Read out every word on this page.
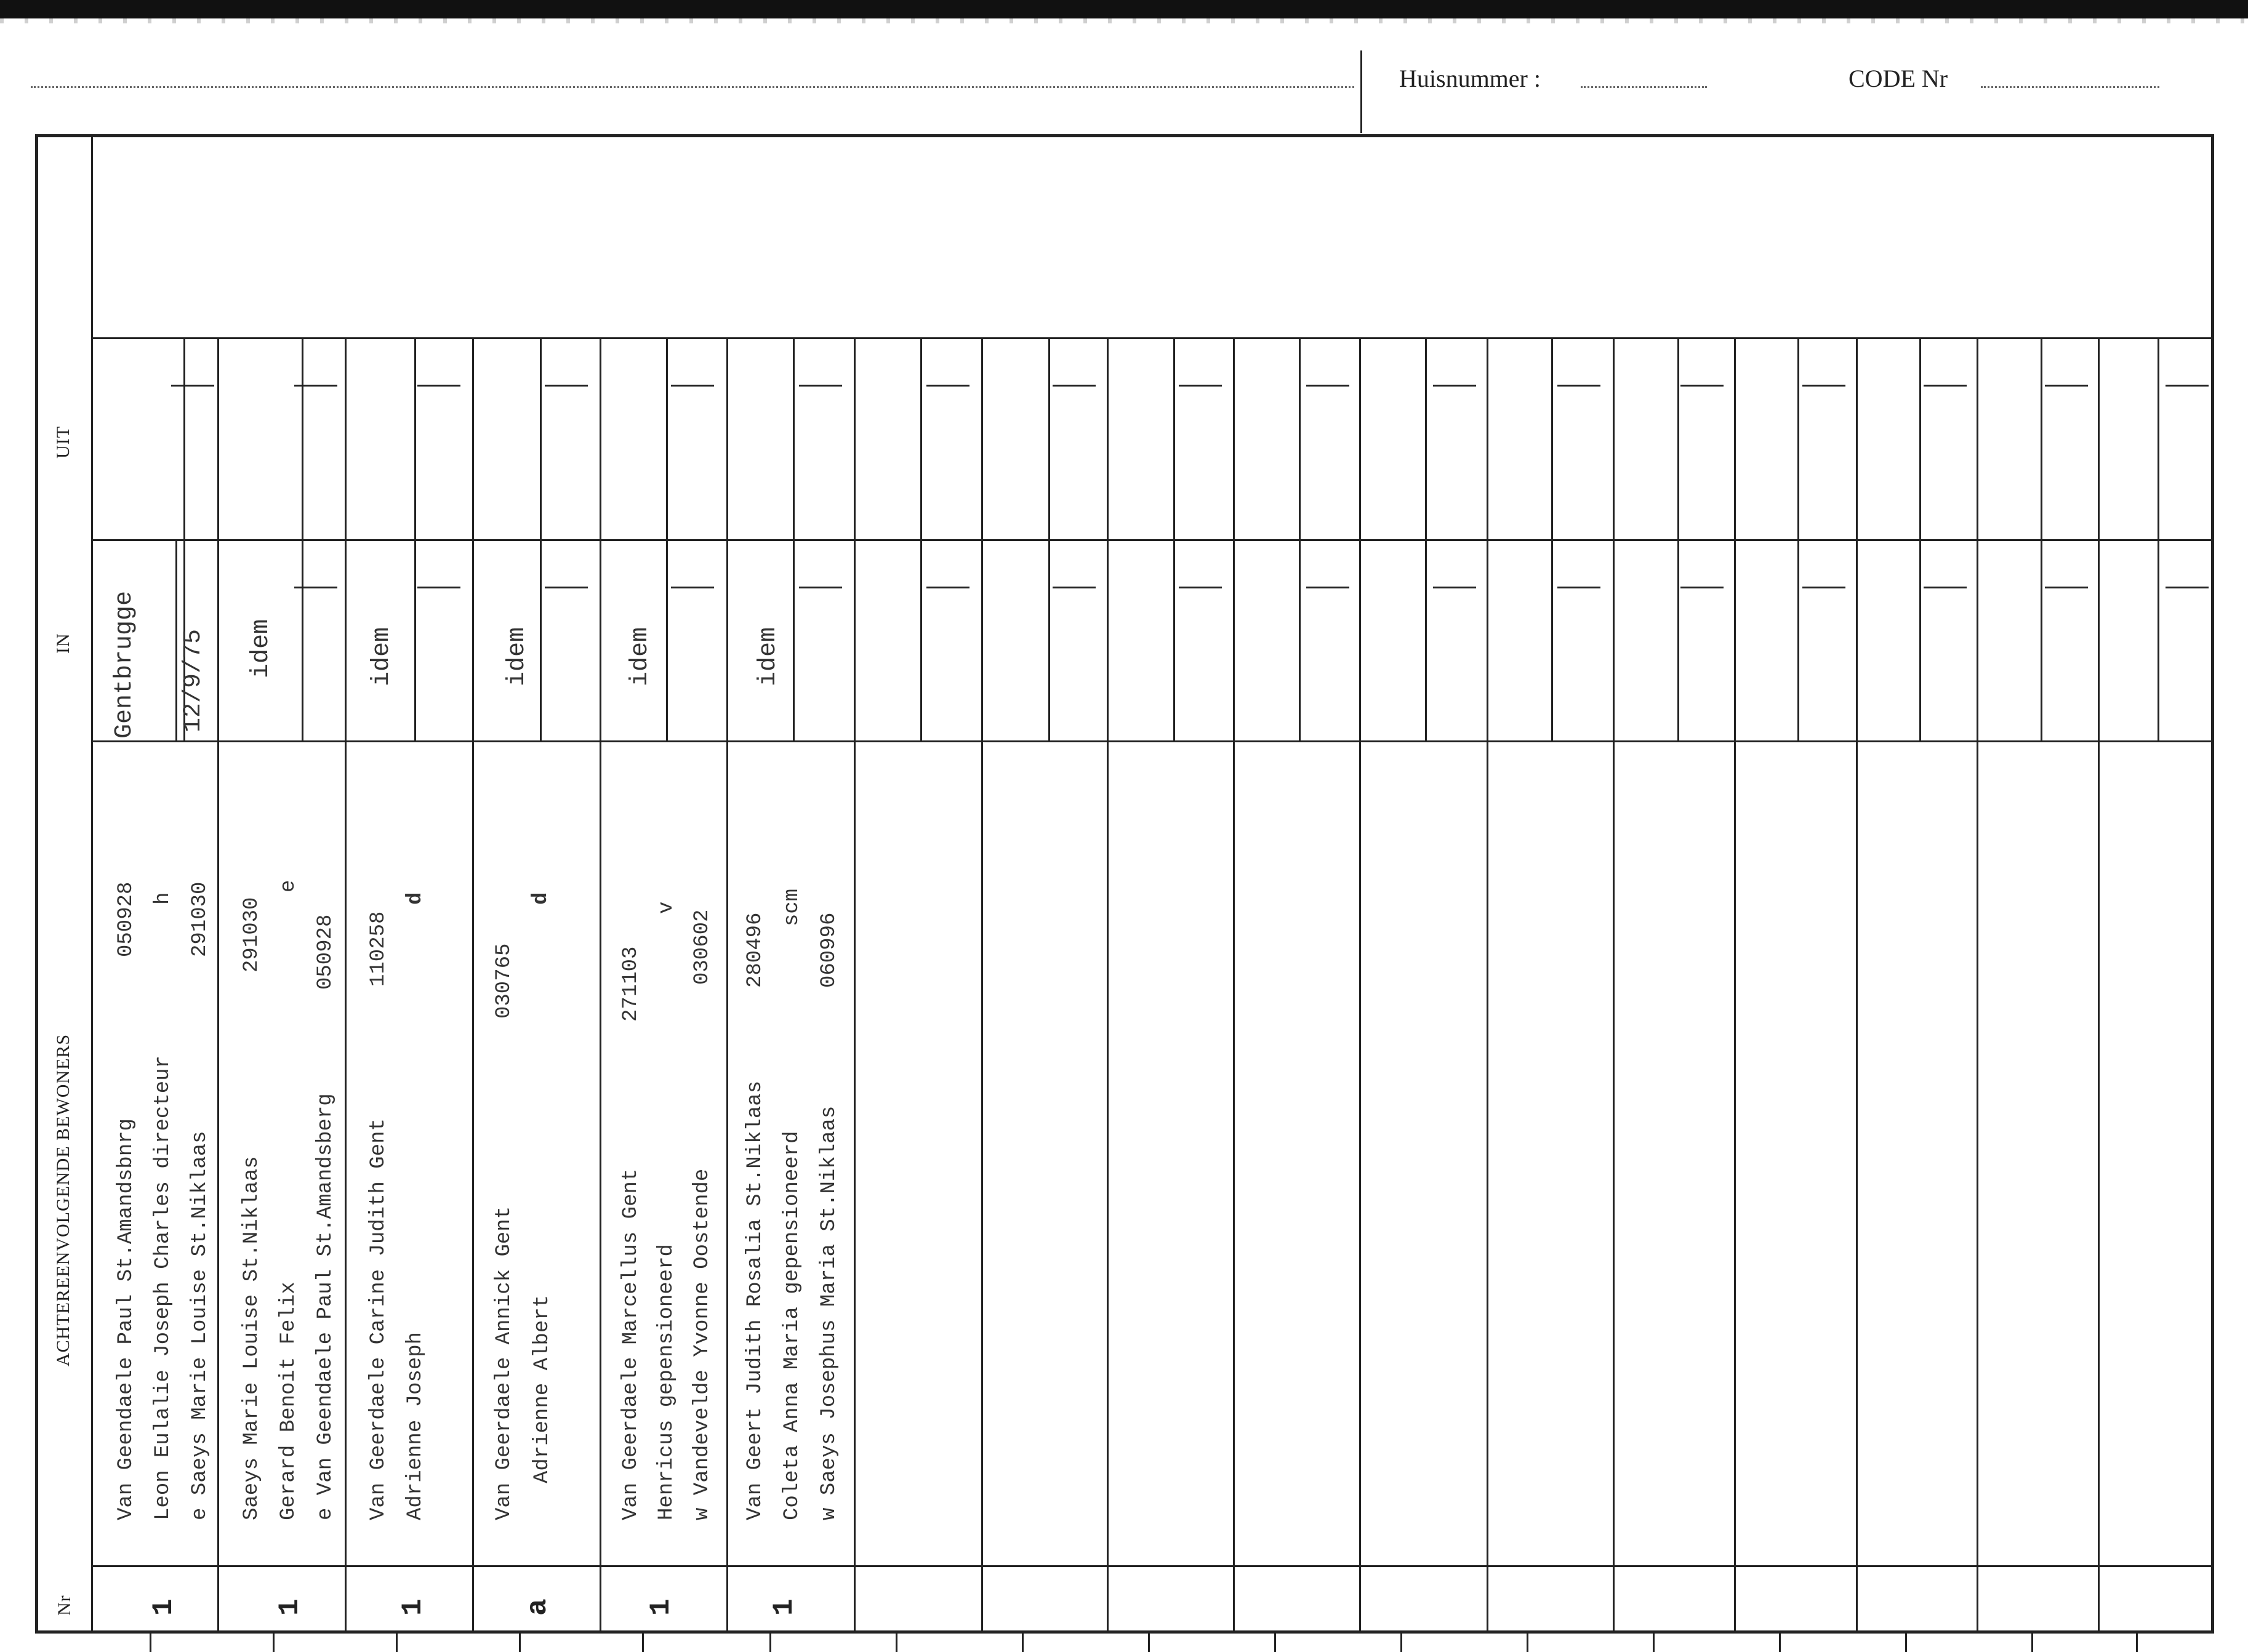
Huisnummer :	CODE Nr
Nr
ACHTEREENVOLGENDE BEWONERS
IN
UIT
1
Gentbrugge 12/9/75
Van Geendaele Paul St.Amandsbnrg
050928
Leon Eulalie Joseph Charles directeur
h
e Saeys Marie Louise St.Niklaas
291030
1
idem
Saeys Marie Louise St.Niklaas
291030
Gerard Benoit Felix
e
e Van Geendaele Paul St.Amandsberg
050928
1
idem
Van Geerdaele Carine Judith Gent
110258
Adrienne Joseph
d
a
idem
Van Geerdaele Annick Gent
030765
Adrienne Albert
d
1
idem
Van Geerdaele Marcellus Gent
271103
Henricus gepensioneerd
v
w Vandevelde Yvonne Oostende
030602
1
idem
Van Geert Judith Rosalia St.Niklaas
280496
Coleta Anna Maria gepensioneerd
scm
w Saeys Josephus Maria St.Niklaas
060996
